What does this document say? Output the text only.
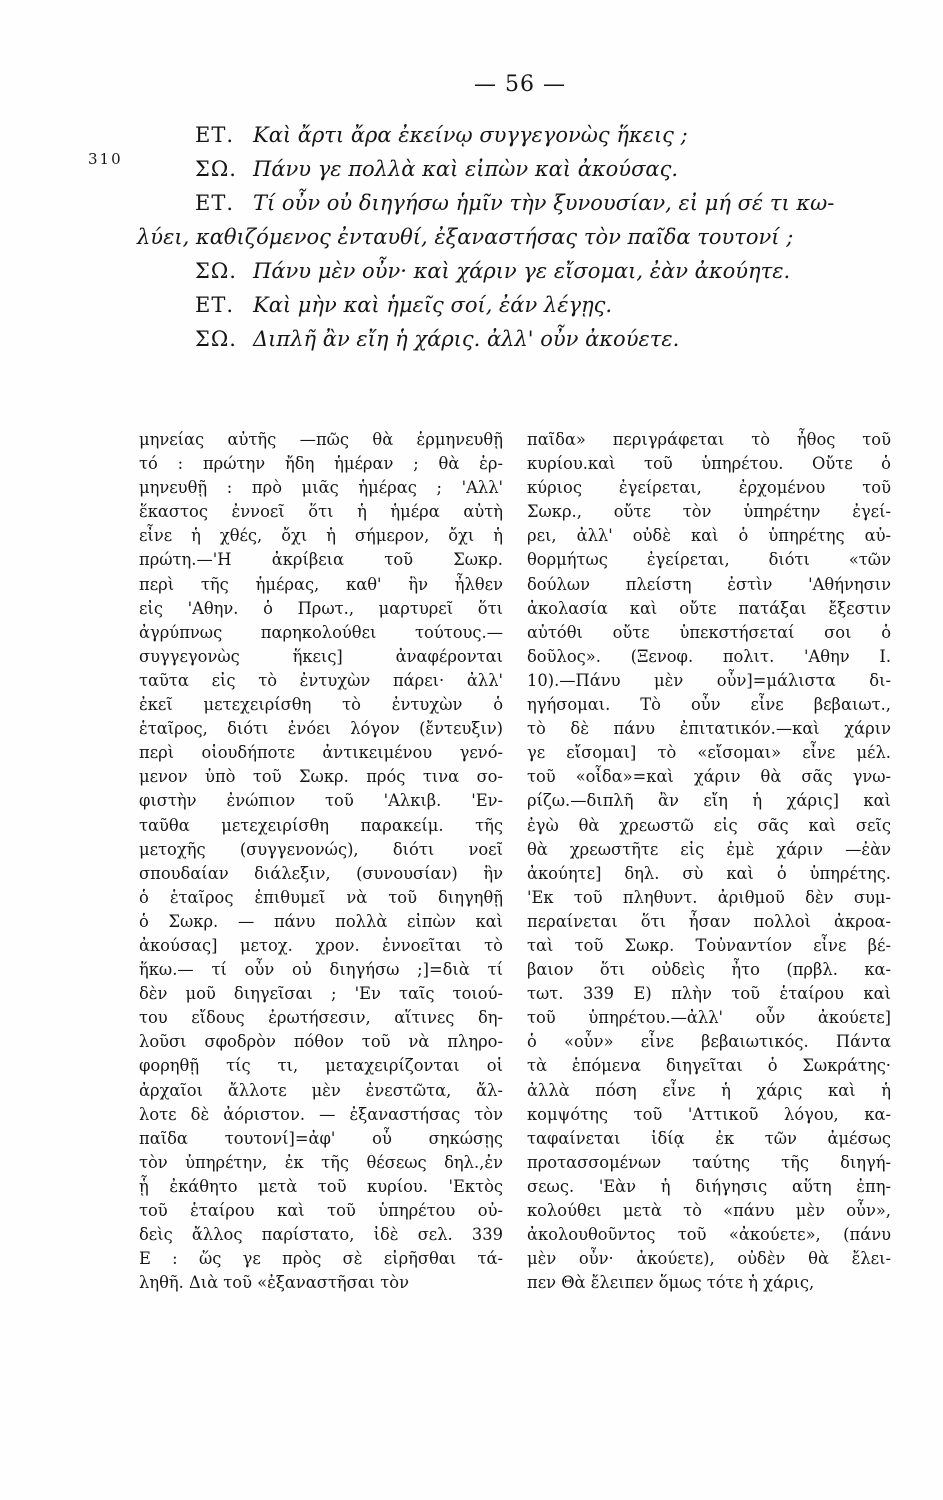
— 56 —
310
ΕΤ. Καὶ ἄρτι ἄρα ἐκείνῳ συγγεγονὼς ἥκεις ;
ΣΩ. Πάνυ γε πολλὰ καὶ εἰπὼν καὶ ἀκούσας.
ΕΤ. Τί οὖν οὐ διηγήσω ἡμῖν τὴν ξυνουσίαν, εἰ μή σέ τι κω-
λύει, καθιζόμενος ἐνταυθί, ἐξαναστήσας τὸν παῖδα τουτονί ;
ΣΩ. Πάνυ μὲν οὖν· καὶ χάριν γε εἴσομαι, ἐὰν ἀκούητε.
ΕΤ. Καὶ μὴν καὶ ἡμεῖς σοί, ἐάν λέγῃς.
ΣΩ. Διπλῆ ἂν εἴη ἡ χάρις. ἀλλ' οὖν ἀκούετε.
μηνείας αὐτῆς —πῶς θὰ ἑρμηνευθῇ
τό : πρώτην ἤδη ἡμέραν ; θὰ ἑρ-
μηνευθῇ : πρὸ μιᾶς ἡμέρας ; 'Αλλ'
ἕκαστος ἐννοεῖ ὅτι ἡ ἡμέρα αὐτὴ
εἶνε ἡ χθές, ὄχι ἡ σήμερον, ὄχι ἡ
πρώτη.—'Η ἀκρίβεια τοῦ Σωκρ.
περὶ τῆς ἡμέρας, καθ' ἣν ἦλθεν
εἰς 'Αθην. ὁ Πρωτ., μαρτυρεῖ ὅτι
ἀγρύπνως παρηκολούθει τούτους.—
συγγεγονὼς ἥκεις] ἀναφέρονται
ταῦτα εἰς τὸ ἐντυχὼν πάρει· ἀλλ'
ἐκεῖ μετεχειρίσθη τὸ ἐντυχὼν ὁ
ἑταῖρος, διότι ἐνόει λόγον (ἔντευξιν)
περὶ οἱουδήποτε ἀντικειμένου γενό-
μενον ὑπὸ τοῦ Σωκρ. πρός τινα σο-
φιστὴν ἐνώπιον τοῦ 'Αλκιβ. 'Εν-
ταῦθα μετεχειρίσθη παρακείμ. τῆς
μετοχῆς (συγγενονώς), διότι νοεῖ
σπουδαίαν διάλεξιν, (συνουσίαν) ἣν
ὁ ἑταῖρος ἐπιθυμεῖ νὰ τοῦ διηγηθῇ
ὁ Σωκρ. — πάνυ πολλὰ εἰπὼν καὶ
ἀκούσας] μετοχ. χρον. ἐννοεῖται τὸ
ἥκω.— τί οὖν οὐ διηγήσω ;]=διὰ τί
δὲν μοῦ διηγεῖσαι ; 'Εν ταῖς τοιού-
του εἴδους ἐρωτήσεσιν, αἵτινες δη-
λοῦσι σφοδρὸν πόθον τοῦ νὰ πληρο-
φορηθῇ τίς τι, μεταχειρίζονται οἱ
ἀρχαῖοι ἄλλοτε μὲν ἐνεστῶτα, ἄλ-
λοτε δὲ ἀόριστον. — ἐξαναστήσας τὸν
παῖδα τουτονί]=ἀφ' οὗ σηκώσῃς
τὸν ὑπηρέτην, ἐκ τῆς θέσεως δηλ.,ἐν
ᾗ ἐκάθητο μετὰ τοῦ κυρίου. 'Εκτὸς
τοῦ ἑταίρου καὶ τοῦ ὑπηρέτου οὐ-
δεὶς ἄλλος παρίστατο, ἰδὲ σελ. 339
Ε : ὥς γε πρὸς σὲ εἰρῆσθαι τά-
ληθῆ. Διὰ τοῦ «ἐξαναστῆσαι τὸν
παῖδα» περιγράφεται τὸ ἦθος τοῦ
κυρίου.καὶ τοῦ ὑπηρέτου. Οὔτε ὁ
κύριος ἐγείρεται, ἐρχομένου τοῦ
Σωκρ., οὔτε τὸν ὑπηρέτην ἐγεί-
ρει, ἀλλ' οὐδὲ καὶ ὁ ὑπηρέτης αὐ-
θορμήτως ἐγείρεται, διότι «τῶν
δούλων πλείστη ἐστὶν 'Αθήνησιν
ἀκολασία καὶ οὔτε πατάξαι ἔξεστιν
αὐτόθι οὔτε ὑπεκστήσεταί σοι ὁ
δοῦλος». (Ξενοφ. πολιτ. 'Αθην Ι.
10).—Πάνυ μὲν οὖν]=μάλιστα δι-
ηγήσομαι. Τὸ οὖν εἶνε βεβαιωτ.,
τὸ δὲ πάνυ ἐπιτατικόν.—καὶ χάριν
γε εἴσομαι] τὸ «εἴσομαι» εἶνε μέλ.
τοῦ «οἶδα»=καὶ χάριν θὰ σᾶς γνω-
ρίζω.—διπλῆ ἂν εἴη ἡ χάρις] καὶ
ἐγὼ θὰ χρεωστῶ εἰς σᾶς καὶ σεῖς
θὰ χρεωστῆτε εἰς ἐμὲ χάριν —ἐὰν
ἀκούητε] δηλ. σὺ καὶ ὁ ὑπηρέτης.
'Εκ τοῦ πληθυντ. ἀριθμοῦ δὲν συμ-
περαίνεται ὅτι ἦσαν πολλοὶ ἀκροα-
ταὶ τοῦ Σωκρ. Τοὐναντίον εἶνε βέ-
βαιον ὅτι οὐδεὶς ἦτο (πρβλ. κα-
τωτ. 339 Ε) πλὴν τοῦ ἑταίρου καὶ
τοῦ ὑπηρέτου.—ἀλλ' οὖν ἀκούετε]
ὁ «οὖν» εἶνε βεβαιωτικός. Πάντα
τὰ ἑπόμενα διηγεῖται ὁ Σωκράτης·
ἀλλὰ πόση εἶνε ἡ χάρις καὶ ἡ
κομψότης τοῦ 'Αττικοῦ λόγου, κα-
ταφαίνεται ἰδίᾳ ἐκ τῶν ἀμέσως
προτασσομένων ταύτης τῆς διηγή-
σεως. 'Εὰν ἡ διήγησις αὕτη ἐπη-
κολούθει μετὰ τὸ «πάνυ μὲν οὖν»,
ἀκολουθοῦντος τοῦ «ἀκούετε», (πάνυ
μὲν οὖν· ἀκούετε), οὐδὲν θὰ ἔλει-
πεν Θὰ ἔλειπεν ὅμως τότε ἡ χάρις,
